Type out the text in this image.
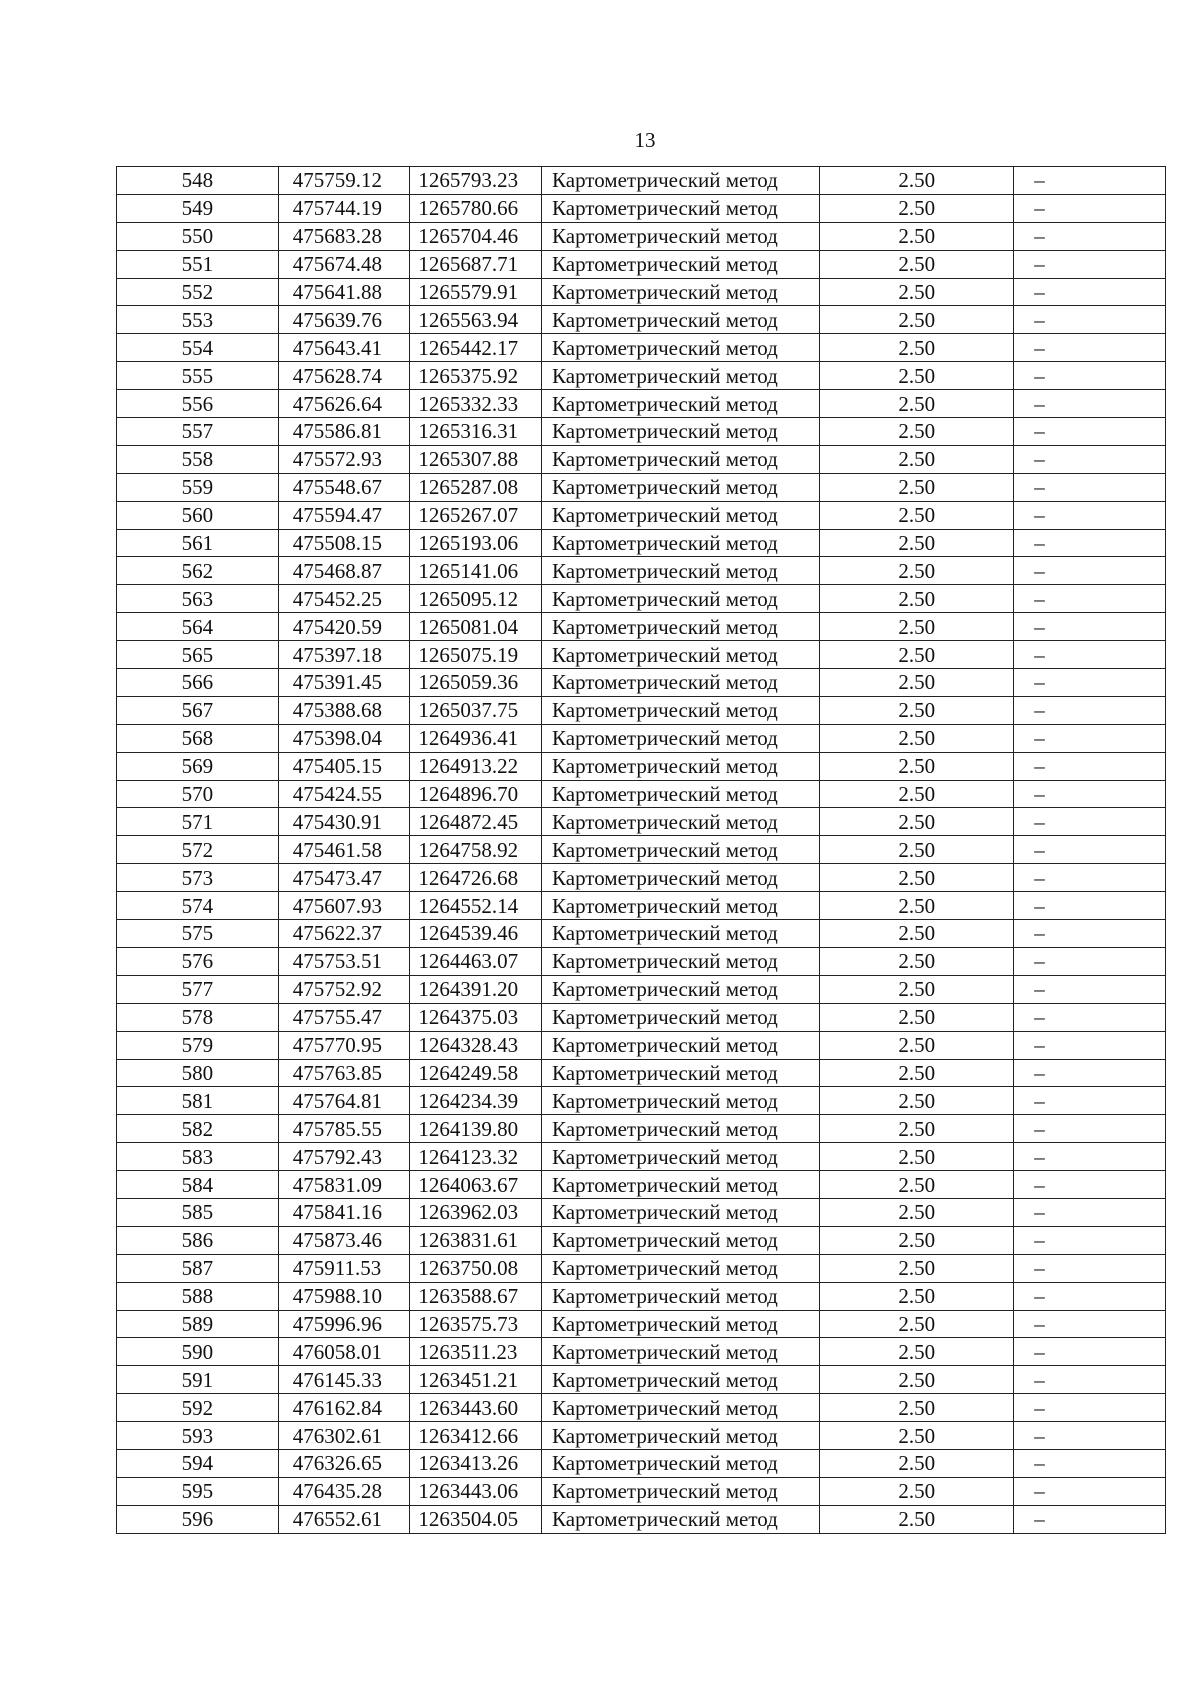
13
548	475759.12	1265793.23	Картометрический метод	2.50	–
549	475744.19	1265780.66	Картометрический метод	2.50	–
550	475683.28	1265704.46	Картометрический метод	2.50	–
551	475674.48	1265687.71	Картометрический метод	2.50	–
552	475641.88	1265579.91	Картометрический метод	2.50	–
553	475639.76	1265563.94	Картометрический метод	2.50	–
554	475643.41	1265442.17	Картометрический метод	2.50	–
555	475628.74	1265375.92	Картометрический метод	2.50	–
556	475626.64	1265332.33	Картометрический метод	2.50	–
557	475586.81	1265316.31	Картометрический метод	2.50	–
558	475572.93	1265307.88	Картометрический метод	2.50	–
559	475548.67	1265287.08	Картометрический метод	2.50	–
560	475594.47	1265267.07	Картометрический метод	2.50	–
561	475508.15	1265193.06	Картометрический метод	2.50	–
562	475468.87	1265141.06	Картометрический метод	2.50	–
563	475452.25	1265095.12	Картометрический метод	2.50	–
564	475420.59	1265081.04	Картометрический метод	2.50	–
565	475397.18	1265075.19	Картометрический метод	2.50	–
566	475391.45	1265059.36	Картометрический метод	2.50	–
567	475388.68	1265037.75	Картометрический метод	2.50	–
568	475398.04	1264936.41	Картометрический метод	2.50	–
569	475405.15	1264913.22	Картометрический метод	2.50	–
570	475424.55	1264896.70	Картометрический метод	2.50	–
571	475430.91	1264872.45	Картометрический метод	2.50	–
572	475461.58	1264758.92	Картометрический метод	2.50	–
573	475473.47	1264726.68	Картометрический метод	2.50	–
574	475607.93	1264552.14	Картометрический метод	2.50	–
575	475622.37	1264539.46	Картометрический метод	2.50	–
576	475753.51	1264463.07	Картометрический метод	2.50	–
577	475752.92	1264391.20	Картометрический метод	2.50	–
578	475755.47	1264375.03	Картометрический метод	2.50	–
579	475770.95	1264328.43	Картометрический метод	2.50	–
580	475763.85	1264249.58	Картометрический метод	2.50	–
581	475764.81	1264234.39	Картометрический метод	2.50	–
582	475785.55	1264139.80	Картометрический метод	2.50	–
583	475792.43	1264123.32	Картометрический метод	2.50	–
584	475831.09	1264063.67	Картометрический метод	2.50	–
585	475841.16	1263962.03	Картометрический метод	2.50	–
586	475873.46	1263831.61	Картометрический метод	2.50	–
587	475911.53	1263750.08	Картометрический метод	2.50	–
588	475988.10	1263588.67	Картометрический метод	2.50	–
589	475996.96	1263575.73	Картометрический метод	2.50	–
590	476058.01	1263511.23	Картометрический метод	2.50	–
591	476145.33	1263451.21	Картометрический метод	2.50	–
592	476162.84	1263443.60	Картометрический метод	2.50	–
593	476302.61	1263412.66	Картометрический метод	2.50	–
594	476326.65	1263413.26	Картометрический метод	2.50	–
595	476435.28	1263443.06	Картометрический метод	2.50	–
596	476552.61	1263504.05	Картометрический метод	2.50	–
